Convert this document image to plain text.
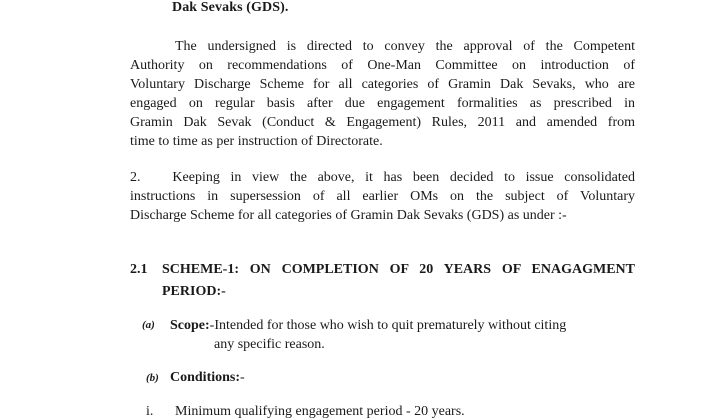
Dak Sevaks (GDS).
The undersigned is directed to convey the approval of the Competent
Authority on recommendations of One-Man Committee on introduction of
Voluntary Discharge Scheme for all categories of Gramin Dak Sevaks, who are
engaged on regular basis after due engagement formalities as prescribed in
Gramin Dak Sevak (Conduct & Engagement) Rules, 2011 and amended from
time to time as per instruction of Directorate.
2.   Keeping in view the above, it has been decided to issue consolidated
instructions in supersession of all earlier OMs on the subject of Voluntary
Discharge Scheme for all categories of Gramin Dak Sevaks (GDS) as under :-
2.1 SCHEME-1: ON COMPLETION OF 20 YEARS OF ENAGAGMENT
PERIOD:-
(a) Scope:-Intended for those who wish to quit prematurely without citing
any specific reason.
(b) Conditions:-
i. Minimum qualifying engagement period - 20 years.
